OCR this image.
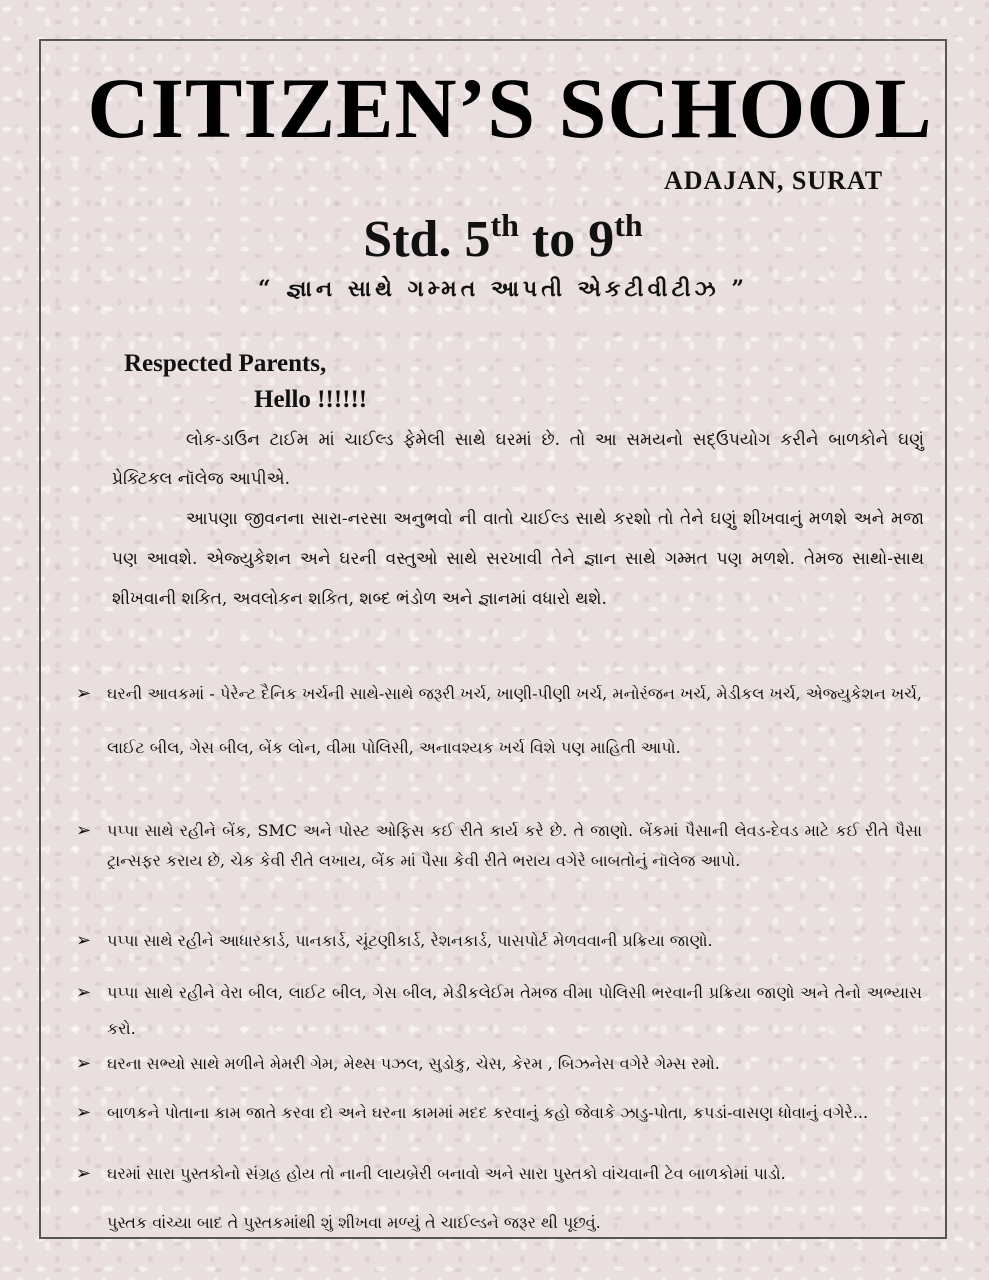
CITIZEN’S SCHOOL
ADAJAN, SURAT
Std. 5th to 9th
“ જ્ઞાન સાથે ગમ્મત આપતી એકટીવીટીઝ ”
Respected Parents,
Hello !!!!!!
લોક-ડાઉન ટાઈમ માં ચાઈલ્ડ ફેમેલી સાથે ઘરમાં છે. તો આ સમયનો સદ્‌ઉપયોગ કરીને બાળકોને ઘણું પ્રેક્ટિકલ નૉલેજ આપીએ.
આપણા જીવનના સારા-નરસા અનુભવો ની વાતો ચાઈલ્ડ સાથે કરશો તો તેને ઘણું શીખવાનું મળશે અને મજા પણ આવશે. એજ્યુકેશન અને ઘરની વસ્તુઓ સાથે સરખાવી તેને જ્ઞાન સાથે ગમ્મત પણ મળશે. તેમજ સાથો-સાથ શીખવાની શકિત, અવલોકન શકિત, શબ્દ ભંડોળ અને જ્ઞાનમાં વધારો થશે.
➢ ઘરની આવકમાં - પેરેન્ટ દૈનિક ખર્ચની સાથે-સાથે જરૂરી ખર્ચ, ખાણી-પીણી ખર્ચ, મનોરંજન ખર્ચ, મેડીકલ ખર્ચ, એજ્યુકેશન ખર્ચ, લાઈટ બીલ, ગેસ બીલ, બેંક લોન, વીમા પોલિસી, અનાવશ્યક ખર્ચ વિશે પણ માહિતી આપો.
➢ પપ્પા સાથે રહીને બેંક, SMC અને પોસ્ટ ઓફિસ કઈ રીતે કાર્ય કરે છે. તે જાણો. બેંકમાં પૈસાની લેવડ-દેવડ માટે કઈ રીતે પૈસા ટ્રાન્સફર કરાય છે, ચેક કેવી રીતે લખાય, બેંક માં પૈસા કેવી રીતે ભરાય વગેરે બાબતોનું નૉલેજ આપો.
➢ પપ્પા સાથે રહીને આધારકાર્ડ, પાનકાર્ડ, ચૂંટણીકાર્ડ, રેશનકાર્ડ, પાસપોર્ટ મેળવવાની પ્રક્રિયા જાણો.
➢ પપ્પા સાથે રહીને વેરા બીલ, લાઈટ બીલ, ગેસ બીલ, મેડીકલેઈમ તેમજ વીમા પોલિસી ભરવાની પ્રક્રિયા જાણો અને તેનો અભ્યાસ કરો.
➢ ઘરના સભ્યો સાથે મળીને મેમરી ગેમ, મેથ્સ પઝલ, સુડોકુ, ચેસ, કેરમ , બિઝનેસ વગેરે ગેમ્સ રમો.
➢ બાળકને પોતાના કામ જાતે કરવા દો અને ઘરના કામમાં મદદ કરવાનું કહો જેવાકે ઝાડુ-પોતા, કપડાં-વાસણ ધોવાનું વગેરે...
➢ ઘરમાં સારા પુસ્તકોનો સંગ્રહ હોય તો નાની લાયબ્રેરી બનાવો અને સારા પુસ્તકો વાંચવાની ટેવ બાળકોમાં પાડો.
પુસ્તક વાંચ્યા બાદ તે પુસ્તકમાંથી શું શીખવા મળ્યું તે ચાઈલ્ડને જરૂર થી પૂછવું.
